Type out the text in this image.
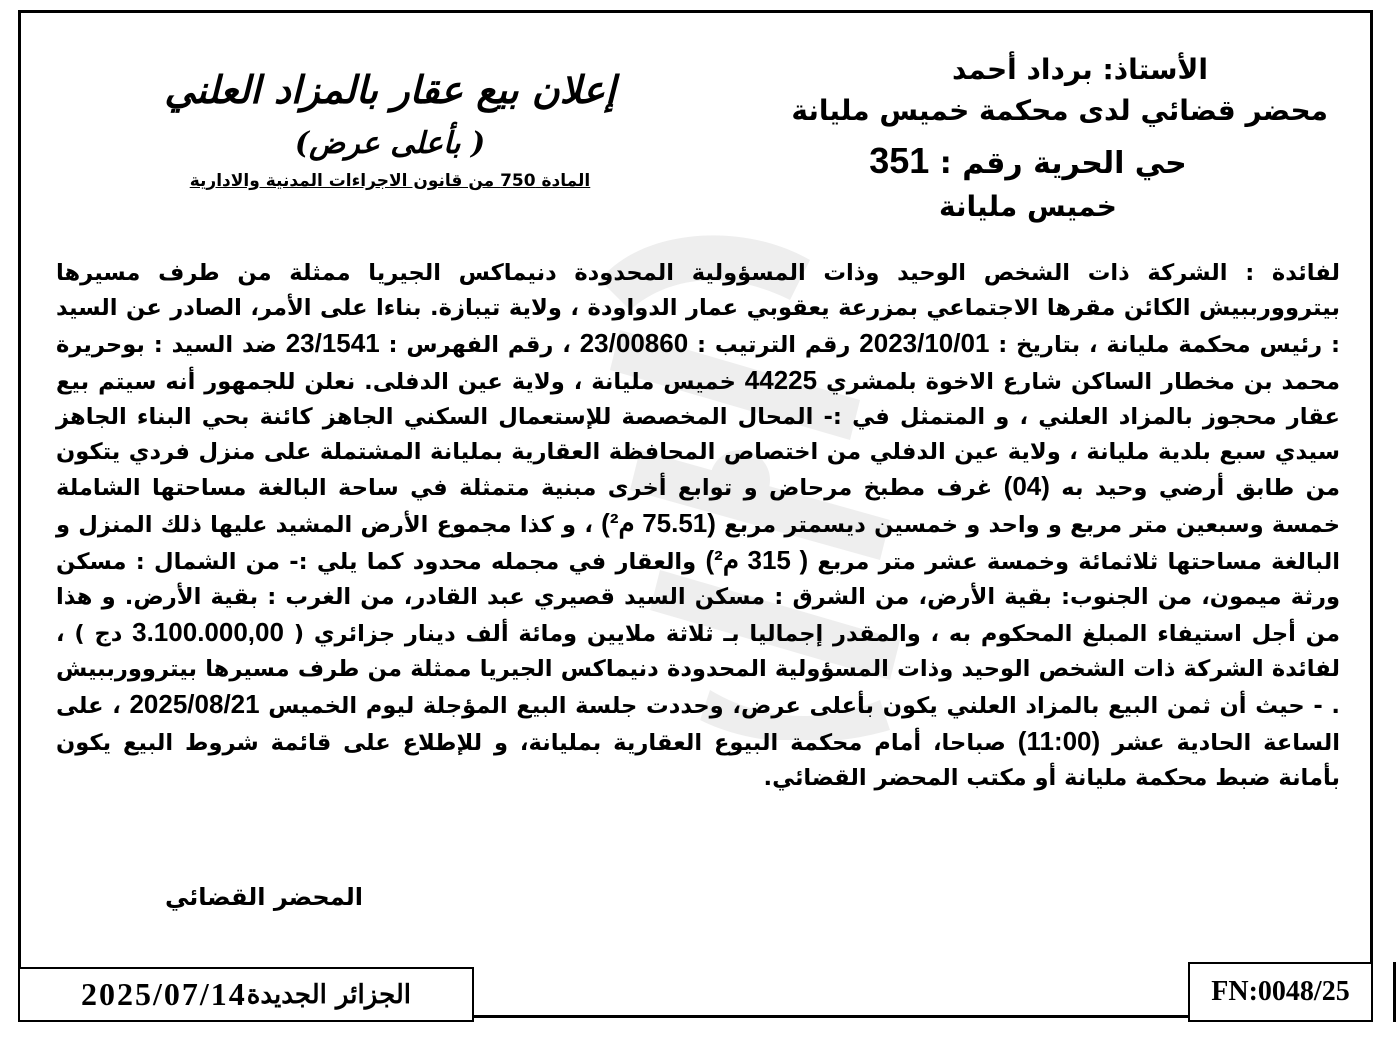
الأستاذ: برداد أحمد
محضر قضائي لدى محكمة خميس مليانة
حي الحرية رقم : 351
خميس مليانة
إعلان بيع عقار بالمزاد العلني
( بأعلى عرض)
المادة 750 من قانون الاجراءات المدنية والادارية
لفائدة : الشركة ذات الشخص الوحيد وذات المسؤولية المحدودة دنيماكس الجيريا ممثلة من طرف مسيرها بيتروورببيش الكائن مقرها الاجتماعي بمزرعة يعقوبي عمار الدواودة ، ولاية تيبازة. بناءا على الأمر، الصادر عن السيد : رئيس محكمة مليانة ، بتاريخ : 2023/10/01 رقم الترتيب : 23/00860 ، رقم الفهرس : 23/1541 ضد السيد : بوحريرة محمد بن مخطار الساكن شارع الاخوة بلمشري 44225 خميس مليانة ، ولاية عين الدفلى. نعلن للجمهور أنه سيتم بيع عقار محجوز بالمزاد العلني ، و المتمثل في :- المحال المخصصة للإستعمال السكني الجاهز كائنة بحي البناء الجاهز سيدي سبع بلدية مليانة ، ولاية عين الدفلي من اختصاص المحافظة العقارية بمليانة المشتملة على منزل فردي يتكون من طابق أرضي وحيد به (04) غرف مطبخ مرحاض و توابع أخرى مبنية متمثلة في ساحة البالغة مساحتها الشاملة خمسة وسبعين متر مربع و واحد و خمسين ديسمتر مربع (75.51 م²) ، و كذا مجموع الأرض المشيد عليها ذلك المنزل و البالغة مساحتها ثلاثمائة وخمسة عشر متر مربع ( 315 م²) والعقار في مجمله محدود كما يلي :- من الشمال : مسكن ورثة ميمون، من الجنوب: بقية الأرض، من الشرق : مسكن السيد قصيري عبد القادر، من الغرب : بقية الأرض. و هذا من أجل استيفاء المبلغ المحكوم به ، والمقدر إجماليا بـ ثلاثة ملايين ومائة ألف دينار جزائري ( 3.100.000,00 دج ) ، لفائدة الشركة ذات الشخص الوحيد وذات المسؤولية المحدودة دنيماكس الجيريا ممثلة من طرف مسيرها بيتروورببيش . - حيث أن ثمن البيع بالمزاد العلني يكون بأعلى عرض، وحددت جلسة البيع المؤجلة ليوم الخميس 2025/08/21 ، على الساعة الحادية عشر (11:00) صباحا، أمام محكمة البيوع العقارية بمليانة، و للإطلاع على قائمة شروط البيع يكون بأمانة ضبط محكمة مليانة أو مكتب المحضر القضائي.
المحضر القضائي
الجزائر الجديدة
2025/07/14	FN:0048/25
